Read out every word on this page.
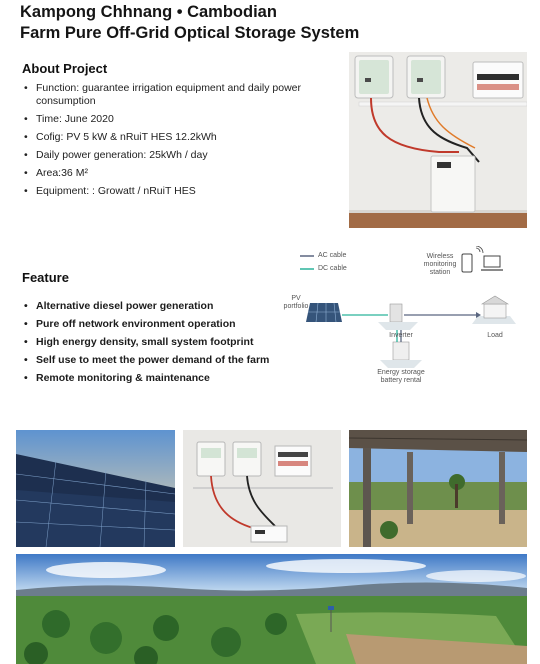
Kampong Chhnang • Cambodian
Farm Pure Off-Grid Optical Storage System
About Project
• Function: guarantee irrigation equipment and daily power consumption
• Time: June 2020
• Cofig: PV 5 kW & nRuiT HES 12.2kWh
• Daily power generation: 25kWh / day
• Area:36 M²
• Equipment: : Growatt / nRuiT HES
Feature
• Alternative diesel power generation
• Pure off network environment operation
• High energy density, small system footprint
• Self use to meet the power demand of the farm
• Remote monitoring & maintenance
AC cable
DC cable
PV portfolio
Inverter
Energy storage battery rental
Load
Wireless monitoring station
